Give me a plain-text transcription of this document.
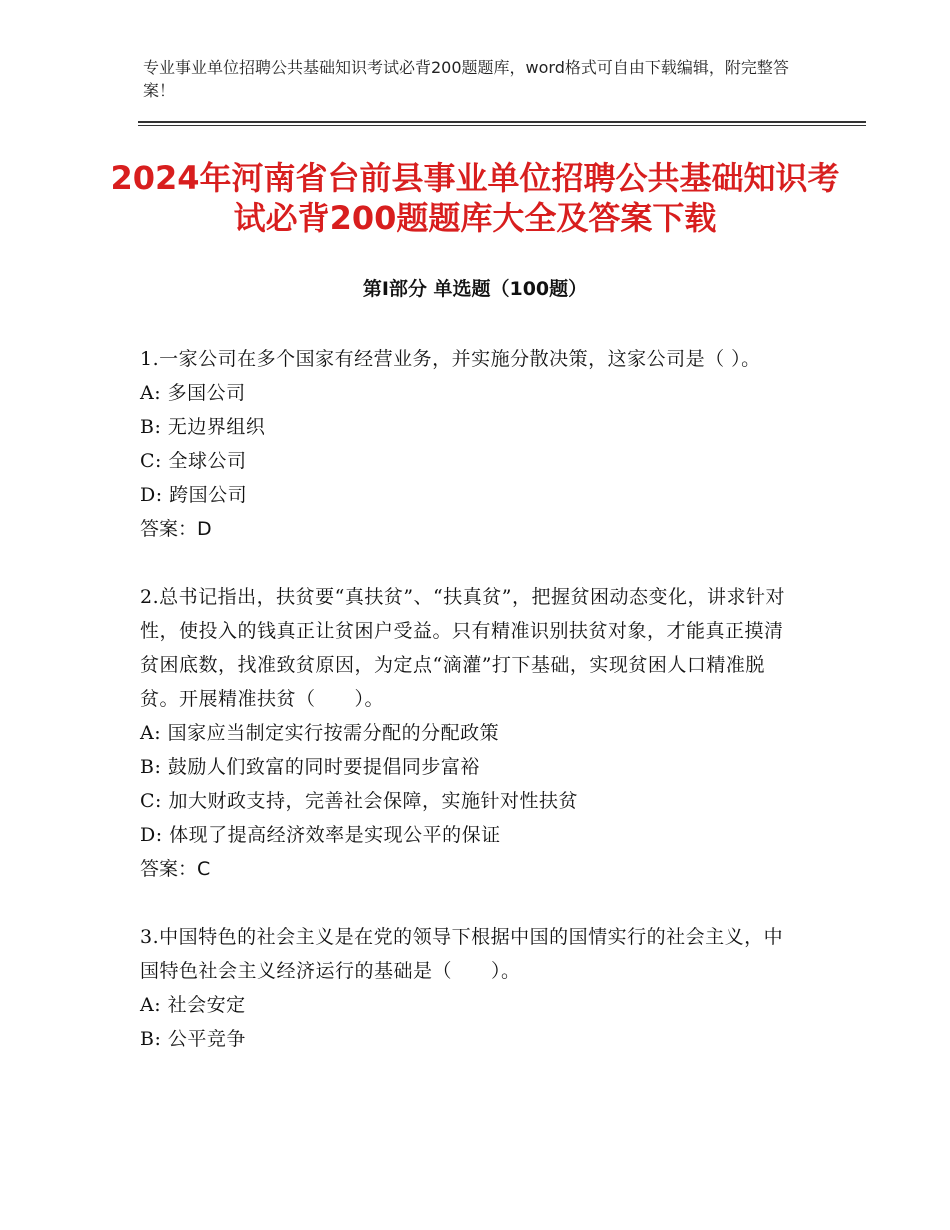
专业事业单位招聘公共基础知识考试必背200题题库，word格式可自由下载编辑，附完整答案！
2024年河南省台前县事业单位招聘公共基础知识考试必背200题题库大全及答案下载
第Ⅰ部分 单选题（100题）

1.一家公司在多个国家有经营业务，并实施分散决策，这家公司是（ ）。

A: 多国公司

B: 无边界组织

C: 全球公司

D: 跨国公司

答案：D

2.总书记指出，扶贫要“真扶贫”、“扶真贫”，把握贫困动态变化，讲求针对性，使投入的钱真正让贫困户受益。只有精准识别扶贫对象，才能真正摸清贫困底数，找准致贫原因，为定点“滴灌”打下基础，实现贫困人口精准脱贫。开展精准扶贫（　　）。

A: 国家应当制定实行按需分配的分配政策

B: 鼓励人们致富的同时要提倡同步富裕

C: 加大财政支持，完善社会保障，实施针对性扶贫

D: 体现了提高经济效率是实现公平的保证

答案：C

3.中国特色的社会主义是在党的领导下根据中国的国情实行的社会主义，中国特色社会主义经济运行的基础是（　　）。

A: 社会安定

B: 公平竞争
